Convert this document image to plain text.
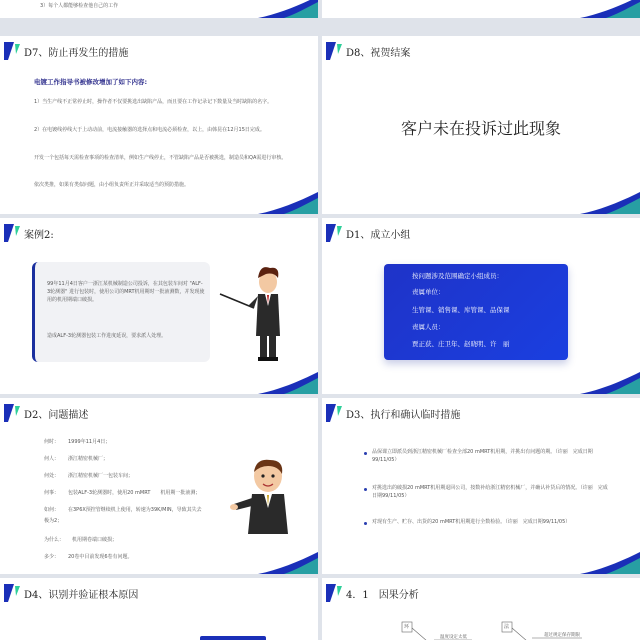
3）每个人都能够检查他自己的工作
D7、防止再发生的措施
电镀工作指导书被修改增加了如下内容:
1）当生产线不正常停止时，操作者不仅要挑选出缺陷产品，而且要在工作记录记下数量及当时缺陷的名字。
2）在电镀线停线大于上动动前，电流接触器的选择点和电流必须检查，以上，由韩昆在12月15日完成。
开发一个包括每天需检查事项的检查清单，例如生产线停止，不管缺陷产品是否被挑选，制造员和QA需进行审核。
依次类推，如果有类似问题，由小组负责所正并采取适当的预防措施。
D8、祝贺结案
客户未在投诉过此现象
案例2:
99年11月4日客户一浙江某机械制造公司投诉，在其包装车间对 "ALF-3轮测器" 进行包装时，使用公司的MRT机用期时一批液测数，并发现使用的机用期端口破损。
造成ALF-3轮测器包装工作进度延误，要求派人处理。
D1、成立小组
按问题涉及范围确定小组成员：
责属单位：
生管课、销售课、库管课、品保课
责属人员：
贾正获、庄卫年、赵晓明、许　丽
D2、问题描述
何时： 1999年11月4日；
何人： 浙江精密机械厂；
何处： 浙江精密机械厂一包装车间；
何事： 包装ALF-3轮测器时，使用20 mMRT　　机用期一批液测；
如何： 在3P6X预控管继续机上使用，转速为39K/MIN，导致其失去
极为2；
为什么： 机用期卷端口破损；
多少： 20卷中目前发现6卷有问题。
D3、执行和确认临时措施
品保课立即派员到浙江精密机械厂检查全部20 mMRT机用期，并挑出有问题的期。（许丽　完成日期99/11/05）
对挑选出的破损20 mMRT机用期退回公司，按数补给浙江精密机械厂，并确认补货后的情况。（许丽　完成日期99/11/05）
对现有生产、贮存、出货的20 mMRT机用期进行全数检验。（许丽　完成日期99/11/05）
D4、识别并验证根本原因	4．1　因果分析
环	法
温度设定太低	超过规定保存期限
